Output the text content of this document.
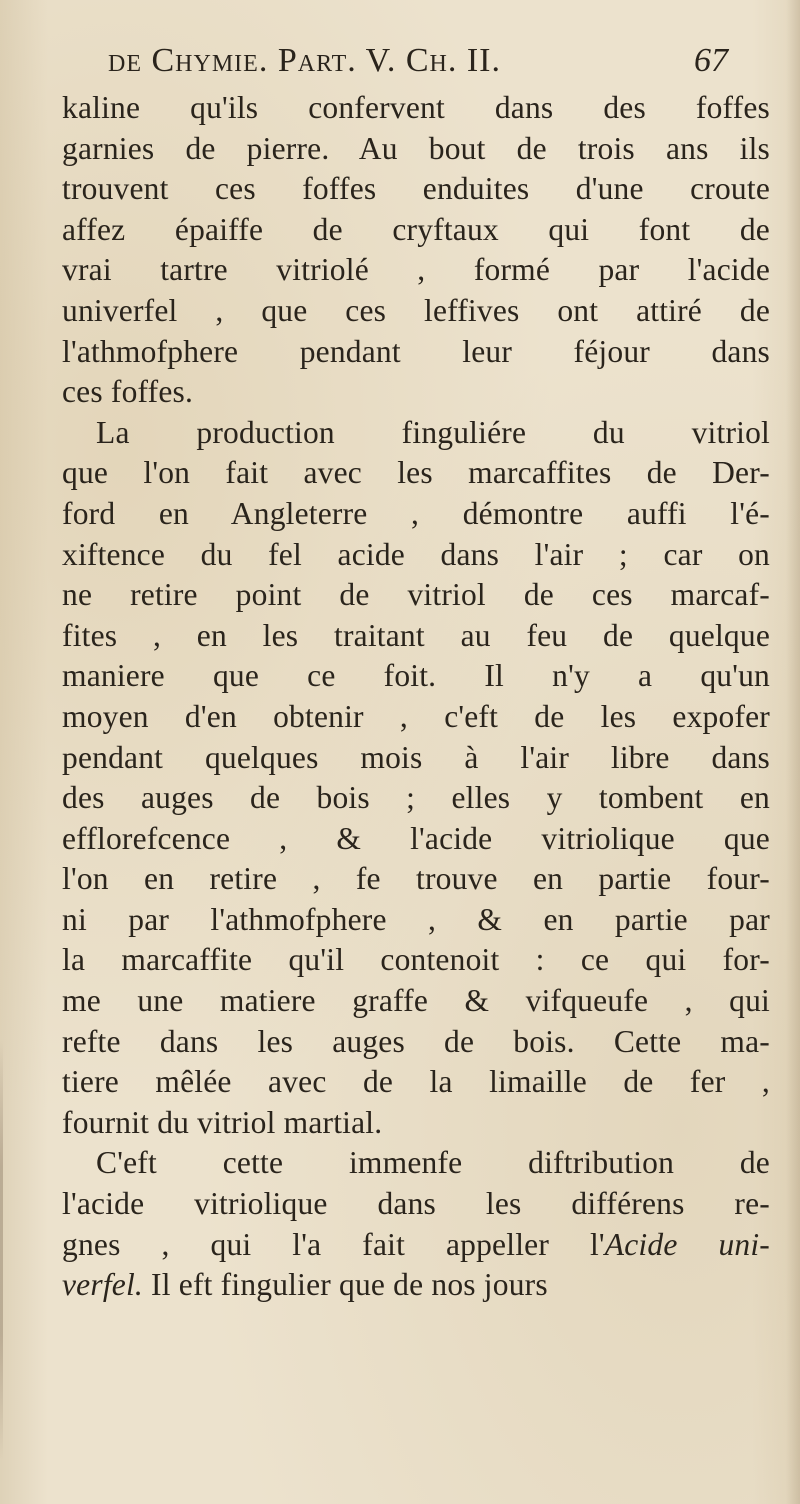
de Chymie. Part. V. Ch. II.	67
kaline qu'ils confervent dans des foffes
garnies de pierre. Au bout de trois ans ils
trouvent ces foffes enduites d'une croute
affez épaiffe de cryftaux qui font de
vrai tartre vitriolé , formé par l'acide
univerfel , que ces leffives ont attiré de
l'athmofphere pendant leur féjour dans
ces foffes.
La production finguliére du vitriol
que l'on fait avec les marcaffites de Der-
ford en Angleterre , démontre auffi l'é-
xiftence du fel acide dans l'air ; car on
ne retire point de vitriol de ces marcaf-
fites , en les traitant au feu de quelque
maniere que ce foit. Il n'y a qu'un
moyen d'en obtenir , c'eft de les expofer
pendant quelques mois à l'air libre dans
des auges de bois ; elles y tombent en
efflorefcence , & l'acide vitriolique que
l'on en retire , fe trouve en partie four-
ni par l'athmofphere , & en partie par
la marcaffite qu'il contenoit : ce qui for-
me une matiere graffe & vifqueufe , qui
refte dans les auges de bois. Cette ma-
tiere mêlée avec de la limaille de fer ,
fournit du vitriol martial.
C'eft cette immenfe diftribution de
l'acide vitriolique dans les différens re-
gnes , qui l'a fait appeller l'Acide uni-
verfel. Il eft fingulier que de nos jours
